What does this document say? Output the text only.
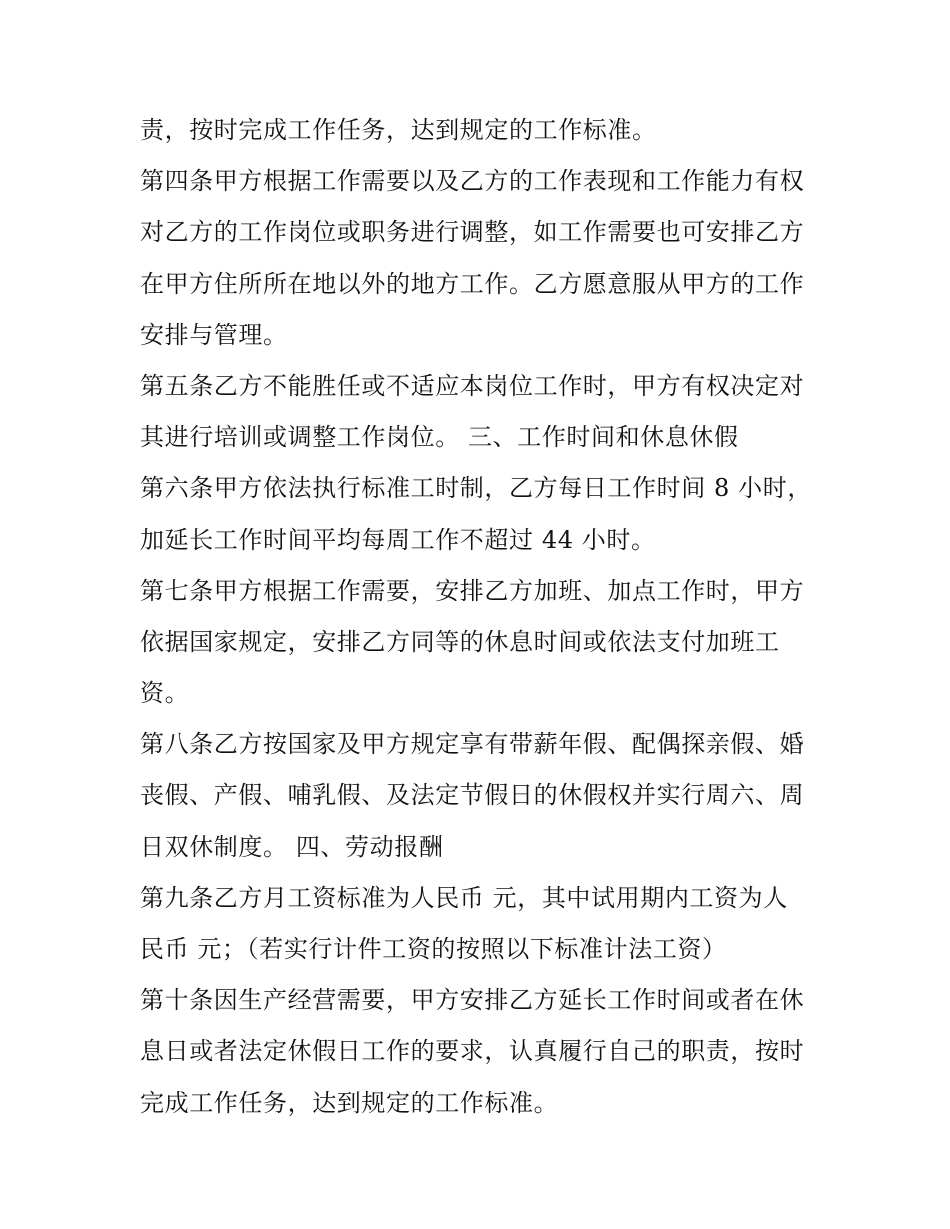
责，按时完成工作任务，达到规定的工作标准。
第四条甲方根据工作需要以及乙方的工作表现和工作能力有权
对乙方的工作岗位或职务进行调整，如工作需要也可安排乙方
在甲方住所所在地以外的地方工作。乙方愿意服从甲方的工作
安排与管理。
第五条乙方不能胜任或不适应本岗位工作时，甲方有权决定对
其进行培训或调整工作岗位。 三、工作时间和休息休假
第六条甲方依法执行标准工时制，乙方每日工作时间 8 小时，
加延长工作时间平均每周工作不超过 44 小时。
第七条甲方根据工作需要，安排乙方加班、加点工作时，甲方
依据国家规定，安排乙方同等的休息时间或依法支付加班工
资。
第八条乙方按国家及甲方规定享有带薪年假、配偶探亲假、婚
丧假、产假、哺乳假、及法定节假日的休假权并实行周六、周
日双休制度。 四、劳动报酬
第九条乙方月工资标准为人民币 元，其中试用期内工资为人
民币 元；（若实行计件工资的按照以下标准计法工资）
第十条因生产经营需要，甲方安排乙方延长工作时间或者在休
息日或者法定休假日工作的要求，认真履行自己的职责，按时
完成工作任务，达到规定的工作标准。
